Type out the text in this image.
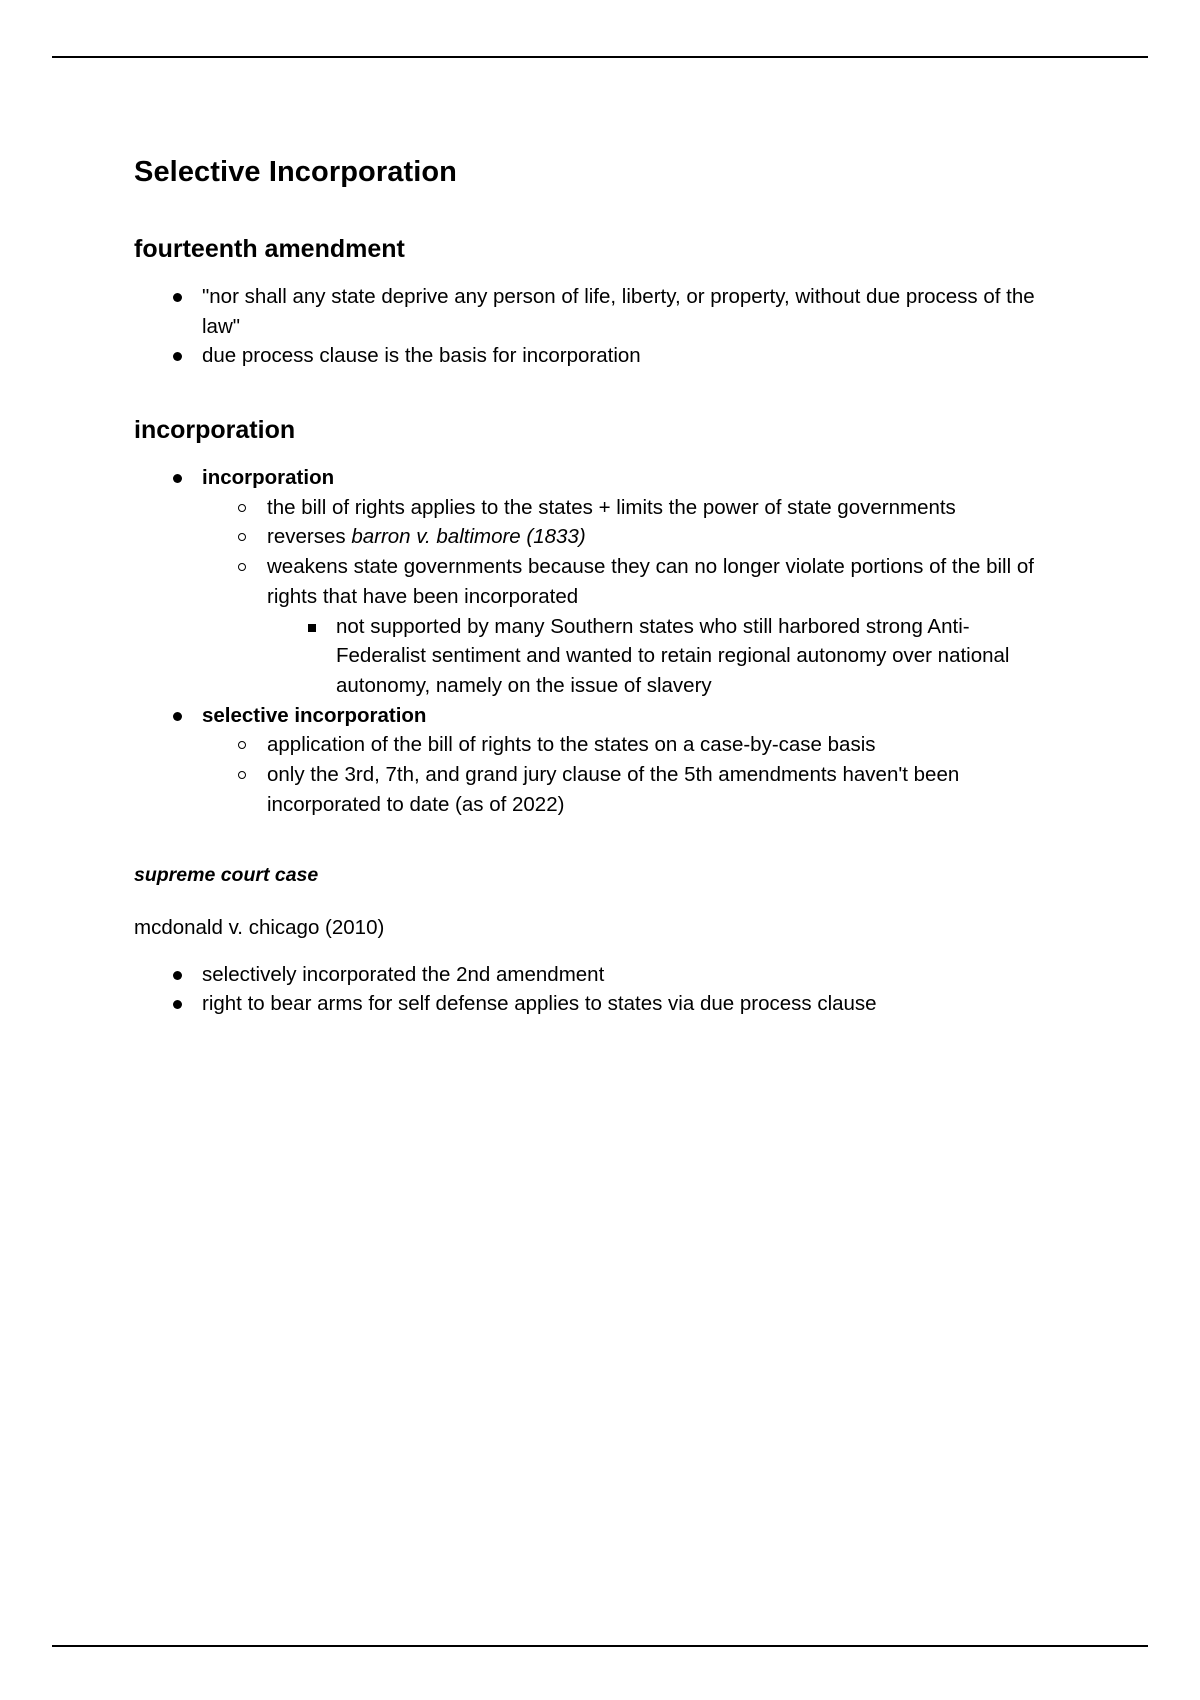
Selective Incorporation
fourteenth amendment
"nor shall any state deprive any person of life, liberty, or property, without due process of the law"
due process clause is the basis for incorporation
incorporation
incorporation
the bill of rights applies to the states + limits the power of state governments
reverses barron v. baltimore (1833)
weakens state governments because they can no longer violate portions of the bill of rights that have been incorporated
not supported by many Southern states who still harbored strong Anti-Federalist sentiment and wanted to retain regional autonomy over national autonomy, namely on the issue of slavery
selective incorporation
application of the bill of rights to the states on a case-by-case basis
only the 3rd, 7th, and grand jury clause of the 5th amendments haven't been incorporated to date (as of 2022)
supreme court case

mcdonald v. chicago (2010)

selectively incorporated the 2nd amendment
right to bear arms for self defense applies to states via due process clause
